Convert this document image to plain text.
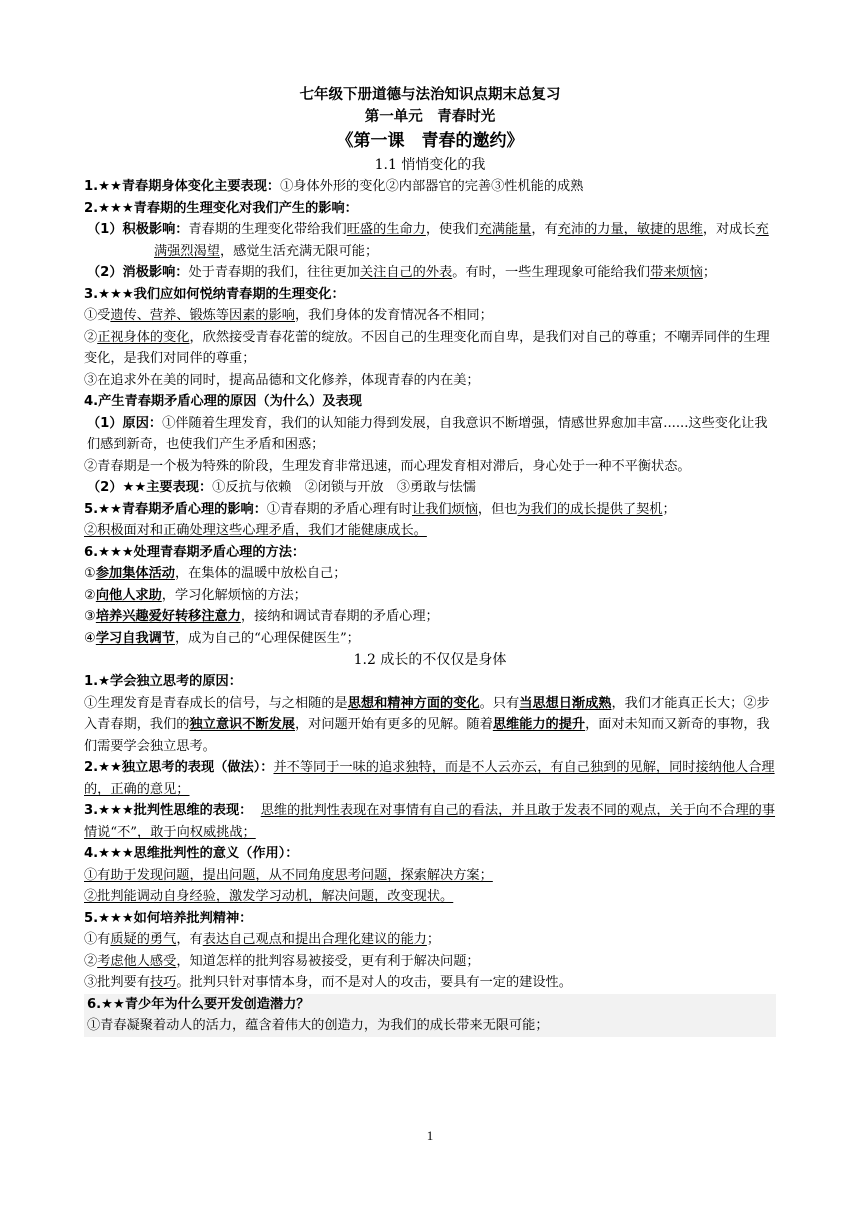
七年级下册道德与法治知识点期末总复习
第一单元　青春时光
《第一课　青春的邀约》
1.1 悄悄变化的我

1.★★青春期身体变化主要表现：①身体外形的变化②内部器官的完善③性机能的成熟

2.★★★青春期的生理变化对我们产生的影响：

（1）积极影响：青春期的生理变化带给我们旺盛的生命力，使我们充满能量，有充沛的力量，敏捷的思维，对成长充满强烈渴望，感觉生活充满无限可能；

（2）消极影响：处于青春期的我们，往往更加关注自己的外表。有时，一些生理现象可能给我们带来烦恼；

3.★★★我们应如何悦纳青春期的生理变化：

①受遗传、营养、锻炼等因素的影响，我们身体的发育情况各不相同；

②正视身体的变化，欣然接受青春花蕾的绽放。不因自己的生理变化而自卑，是我们对自己的尊重；不嘲弄同伴的生理变化，是我们对同伴的尊重；

③在追求外在美的同时，提高品德和文化修养，体现青春的内在美；

4.产生青春期矛盾心理的原因（为什么）及表现

（1）原因：①伴随着生理发育，我们的认知能力得到发展，自我意识不断增强，情感世界愈加丰富......这些变化让我们感到新奇，也使我们产生矛盾和困惑；

②青春期是一个极为特殊的阶段，生理发育非常迅速，而心理发育相对滞后，身心处于一种不平衡状态。

（2）★★主要表现：①反抗与依赖　②闭锁与开放　③勇敢与怯懦

5.★★青春期矛盾心理的影响：①青春期的矛盾心理有时让我们烦恼，但也为我们的成长提供了契机；

②积极面对和正确处理这些心理矛盾，我们才能健康成长。

6.★★★处理青春期矛盾心理的方法：

①参加集体活动，在集体的温暖中放松自己；

②向他人求助，学习化解烦恼的方法；

③培养兴趣爱好转移注意力，接纳和调试青春期的矛盾心理；

④学习自我调节，成为自己的“心理保健医生”；

1.2 成长的不仅仅是身体

1.★学会独立思考的原因：

①生理发育是青春成长的信号，与之相随的是思想和精神方面的变化。只有当思想日渐成熟，我们才能真正长大；②步入青春期，我们的独立意识不断发展，对问题开始有更多的见解。随着思维能力的提升，面对未知而又新奇的事物，我们需要学会独立思考。

2.★★独立思考的表现（做法）：并不等同于一味的追求独特，而是不人云亦云，有自己独到的见解，同时接纳他人合理的，正确的意见；

3.★★★批判性思维的表现： 思维的批判性表现在对事情有自己的看法，并且敢于发表不同的观点，关于向不合理的事情说“不”，敢于向权威挑战；

4.★★★思维批判性的意义（作用）：

①有助于发现问题，提出问题，从不同角度思考问题，探索解决方案；

②批判能调动自身经验，激发学习动机，解决问题，改变现状。

5.★★★如何培养批判精神：

①有质疑的勇气，有表达自己观点和提出合理化建议的能力；

②考虑他人感受，知道怎样的批判容易被接受，更有利于解决问题；

③批判要有技巧。批判只针对事情本身，而不是对人的攻击，要具有一定的建设性。

6.★★青少年为什么要开发创造潜力？

①青春凝聚着动人的活力，蕴含着伟大的创造力，为我们的成长带来无限可能；

1
